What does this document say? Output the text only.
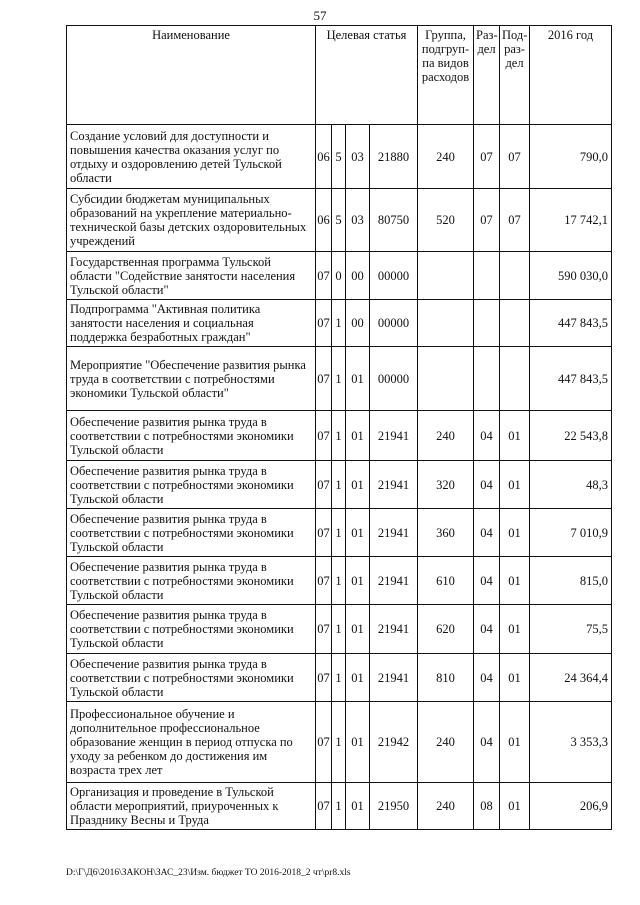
57
Наименование	Целевая статья				Группа, подгруп-па видов расходов	Раз-дел	Под-раз-дел	2016 год
Создание условий для доступности и повышения качества оказания услуг по отдыху и оздоровлению детей Тульской области	06	5	03	21880	240	07	07	790,0
Субсидии бюджетам муниципальных образований на укрепление материально-технической базы детских оздоровительных учреждений	06	5	03	80750	520	07	07	17 742,1
Государственная программа Тульской области "Содействие занятости населения Тульской области"	07	0	00	00000				590 030,0
Подпрограмма "Активная политика занятости населения и социальная поддержка безработных граждан"	07	1	00	00000				447 843,5
Мероприятие "Обеспечение развития рынка труда в соответствии с потребностями экономики Тульской области"	07	1	01	00000				447 843,5
Обеспечение развития рынка труда в соответствии с потребностями экономики Тульской области	07	1	01	21941	240	04	01	22 543,8
Обеспечение развития рынка труда в соответствии с потребностями экономики Тульской области	07	1	01	21941	320	04	01	48,3
Обеспечение развития рынка труда в соответствии с потребностями экономики Тульской области	07	1	01	21941	360	04	01	7 010,9
Обеспечение развития рынка труда в соответствии с потребностями экономики Тульской области	07	1	01	21941	610	04	01	815,0
Обеспечение развития рынка труда в соответствии с потребностями экономики Тульской области	07	1	01	21941	620	04	01	75,5
Обеспечение развития рынка труда в соответствии с потребностями экономики Тульской области	07	1	01	21941	810	04	01	24 364,4
Профессиональное обучение и дополнительное профессиональное образование женщин в период отпуска по уходу за ребенком до достижения им возраста трех лет	07	1	01	21942	240	04	01	3 353,3
Организация и проведение в Тульской области мероприятий, приуроченных к Празднику Весны и Труда	07	1	01	21950	240	08	01	206,9
D:\Г\Д6\2016\ЗАКОН\ЗАС_23\Изм. бюджет ТО 2016-2018_2 чт\pr8.xls
